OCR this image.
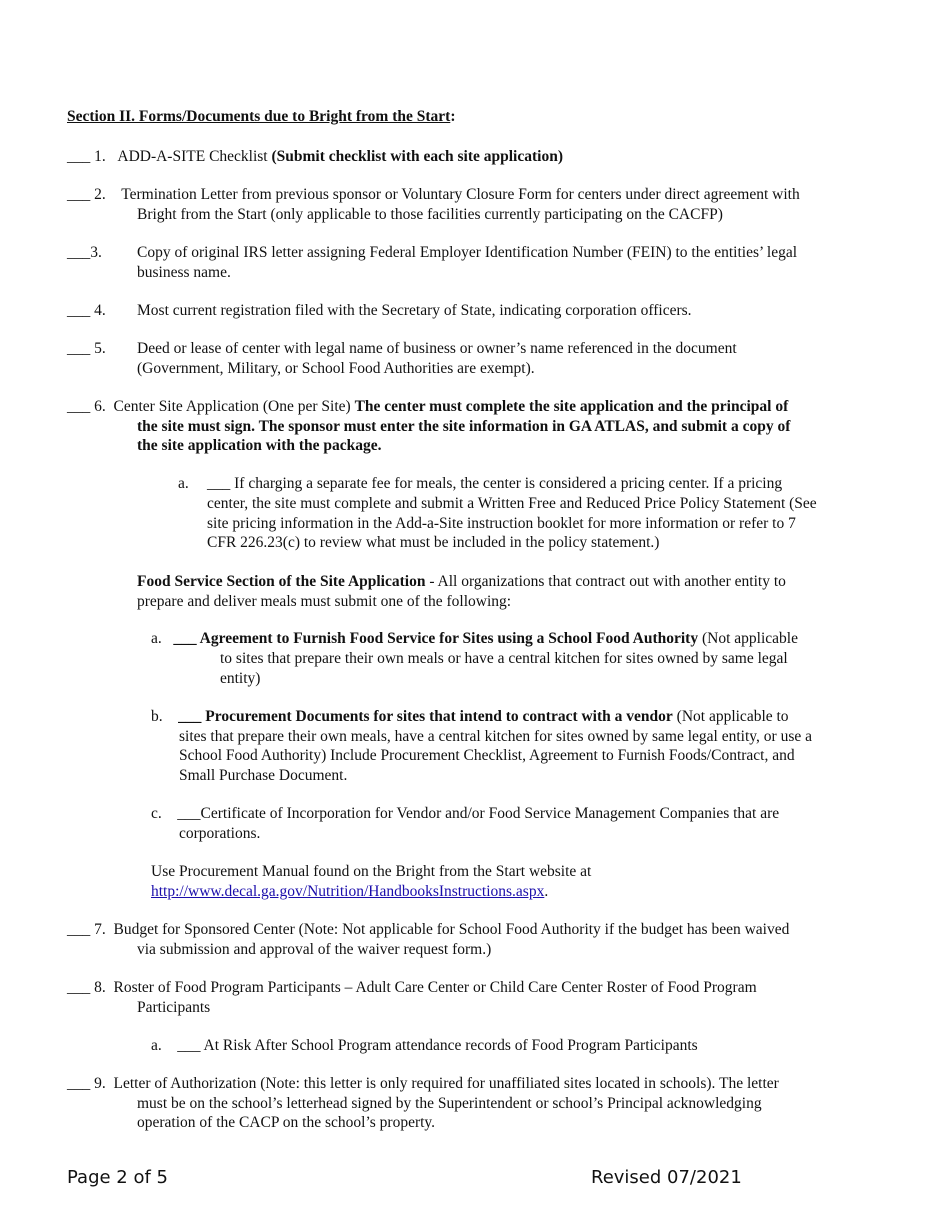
Section II. Forms/Documents due to Bright from the Start:
___ 1. ADD-A-SITE Checklist (Submit checklist with each site application)
___ 2. Termination Letter from previous sponsor or Voluntary Closure Form for centers under direct agreement with
Bright from the Start (only applicable to those facilities currently participating on the CACFP)
___3. Copy of original IRS letter assigning Federal Employer Identification Number (FEIN) to the entities’ legal
business name.
___ 4. Most current registration filed with the Secretary of State, indicating corporation officers.
___ 5. Deed or lease of center with legal name of business or owner’s name referenced in the document
(Government, Military, or School Food Authorities are exempt).
___ 6. Center Site Application (One per Site) The center must complete the site application and the principal of
the site must sign. The sponsor must enter the site information in GA ATLAS, and submit a copy of
the site application with the package.
a. ___ If charging a separate fee for meals, the center is considered a pricing center. If a pricing
center, the site must complete and submit a Written Free and Reduced Price Policy Statement (See
site pricing information in the Add-a-Site instruction booklet for more information or refer to 7
CFR 226.23(c) to review what must be included in the policy statement.)
Food Service Section of the Site Application - All organizations that contract out with another entity to
prepare and deliver meals must submit one of the following:
a. ___ Agreement to Furnish Food Service for Sites using a School Food Authority (Not applicable
to sites that prepare their own meals or have a central kitchen for sites owned by same legal
entity)
b. ___ Procurement Documents for sites that intend to contract with a vendor (Not applicable to
sites that prepare their own meals, have a central kitchen for sites owned by same legal entity, or use a
School Food Authority) Include Procurement Checklist, Agreement to Furnish Foods/Contract, and
Small Purchase Document.
c. ___Certificate of Incorporation for Vendor and/or Food Service Management Companies that are
corporations.
Use Procurement Manual found on the Bright from the Start website at
http://www.decal.ga.gov/Nutrition/HandbooksInstructions.aspx.
___ 7. Budget for Sponsored Center (Note: Not applicable for School Food Authority if the budget has been waived
via submission and approval of the waiver request form.)
___ 8. Roster of Food Program Participants – Adult Care Center or Child Care Center Roster of Food Program
Participants
a. ___ At Risk After School Program attendance records of Food Program Participants
___ 9. Letter of Authorization (Note: this letter is only required for unaffiliated sites located in schools). The letter
must be on the school’s letterhead signed by the Superintendent or school’s Principal acknowledging
operation of the CACP on the school’s property.
Page 2 of 5	Revised 07/2021
